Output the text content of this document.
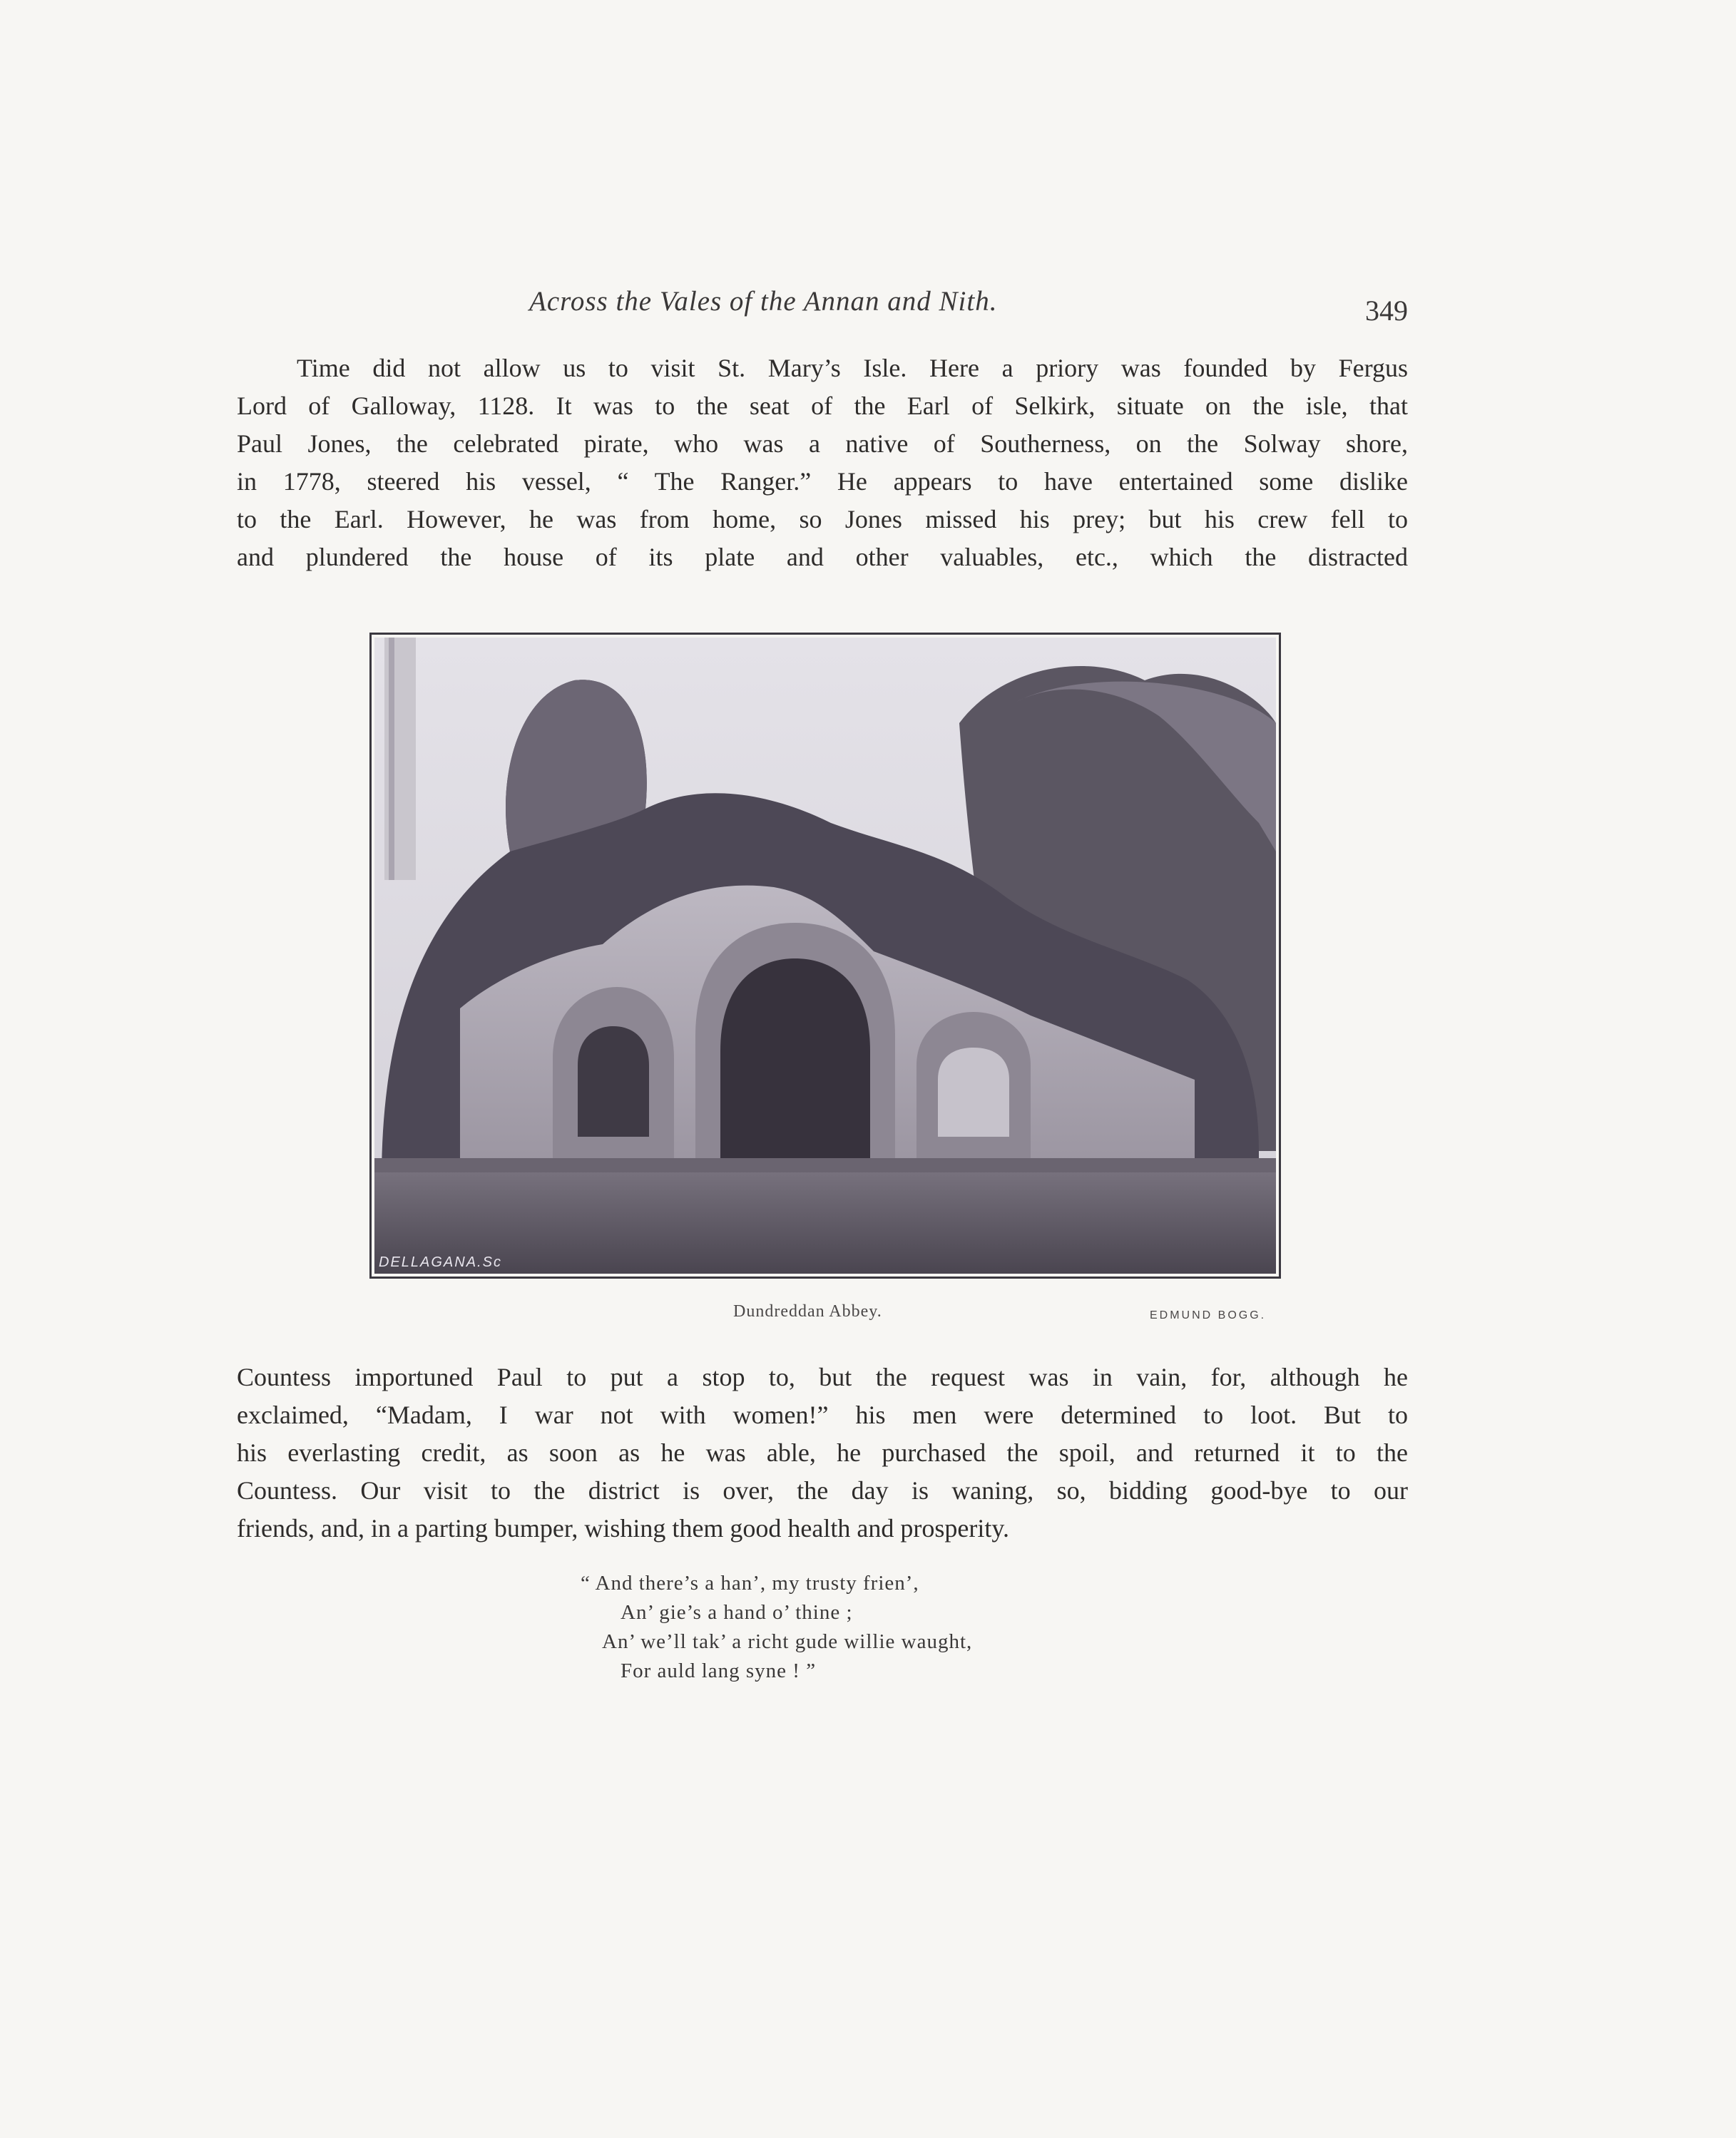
Across the Vales of the Annan and Nith.	349
Time did not allow us to visit St. Mary’s Isle. Here a priory was founded by Fergus
Lord of Galloway, 1128. It was to the seat of the Earl of Selkirk, situate on the isle, that
Paul Jones, the celebrated pirate, who was a native of Southerness, on the Solway shore,
in 1778, steered his vessel, “ The Ranger.” He appears to have entertained some dislike
to the Earl. However, he was from home, so Jones missed his prey; but his crew fell to
and plundered the house of its plate and other valuables, etc., which the distracted
DELLAGANA.Sc
Dundreddan Abbey.	EDMUND BOGG.
Countess importuned Paul to put a stop to, but the request was in vain, for, although he
exclaimed, “Madam, I war not with women!” his men were determined to loot. But to
his everlasting credit, as soon as he was able, he purchased the spoil, and returned it to the
Countess. Our visit to the district is over, the day is waning, so, bidding good-bye to our
friends, and, in a parting bumper, wishing them good health and prosperity.
“ And there’s a han’, my trusty frien’,
An’ gie’s a hand o’ thine ;
An’ we’ll tak’ a richt gude willie waught,
For auld lang syne ! ”
